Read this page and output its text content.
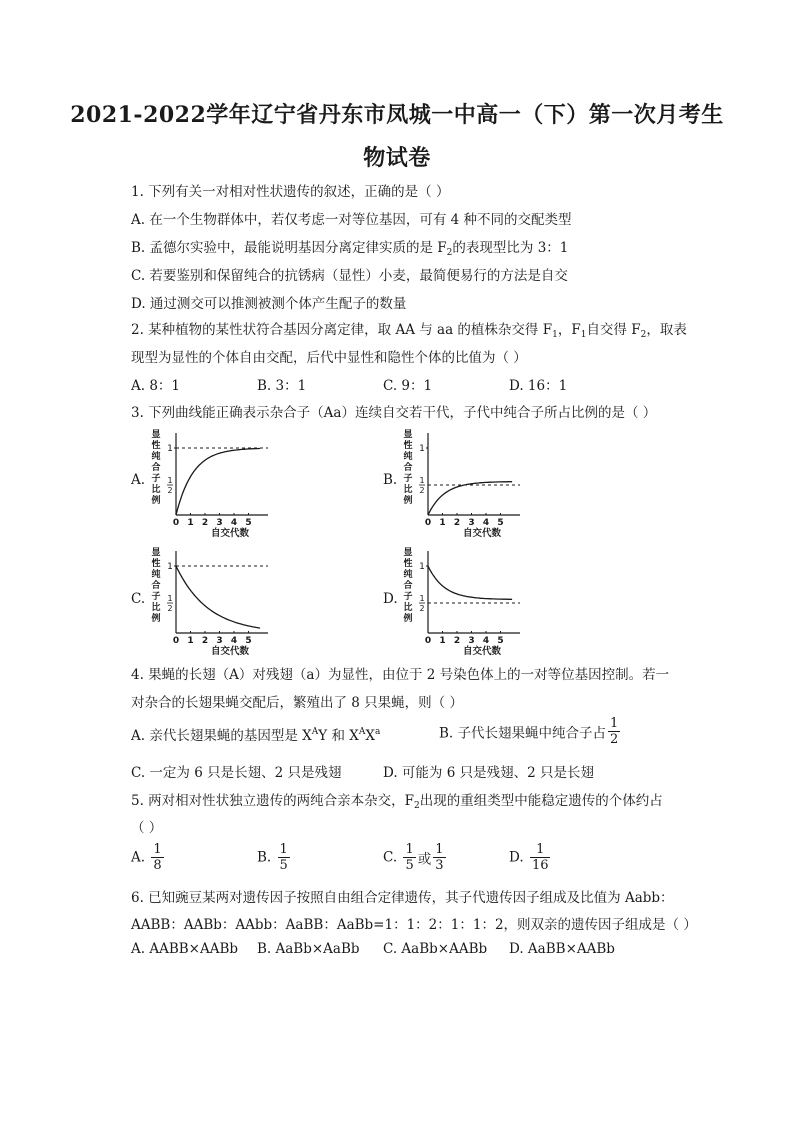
2021-2022学年辽宁省丹东市凤城一中高一（下）第一次月考生
物试卷
1. 下列有关一对相对性状遗传的叙述，正确的是（ ）
A. 在一个生物群体中，若仅考虑一对等位基因，可有 4 种不同的交配类型
B. 孟德尔实验中，最能说明基因分离定律实质的是 $F_2$的表现型比为 3：1
C. 若要鉴别和保留纯合的抗锈病（显性）小麦，最简便易行的方法是自交
D. 通过测交可以推测被测个体产生配子的数量
2. 某种植物的某性状符合基因分离定律，取 AA 与 aa 的植株杂交得 $F_1$，$F_1$自交得 $F_2$，取表
现型为显性的个体自由交配，后代中显性和隐性个体的比值为（ ）
A. 8：1	B. 3：1	C. 9：1	D. 16：1
3. 下列曲线能正确表示杂合子（Aa）连续自交若干代，子代中纯合子所占比例的是（ ）
A.	B.
C.	D.
显
性
纯
合
子
比
例
1
1
2
0 1 2 3 4 5
自交代数
显
性
纯
合
子
比
例
1
1
2
0 1 2 3 4 5
自交代数
显
性
纯
合
子
比
例
1
1
2
0 1 2 3 4 5
自交代数
显
性
纯
合
子
比
例
1
1
2
0 1 2 3 4 5
自交代数
4. 果蝇的长翅（A）对残翅（a）为显性，由位于 2 号染色体上的一对等位基因控制。若一
对杂合的长翅果蝇交配后，繁殖出了 8 只果蝇，则（ ）
A. 亲代长翅果蝇的基因型是 $X^AY$ 和 $X^AX^a$	B. 子代长翅果蝇中纯合子占 $\frac{1}{2}$
C. 一定为 6 只是长翅、2 只是残翅	D. 可能为 6 只是残翅、2 只是长翅
5. 两对相对性状独立遗传的两纯合亲本杂交，$F_2$出现的重组类型中能稳定遗传的个体约占
（ ）
A. $\frac{1}{8}$	B. $\frac{1}{5}$	C. $\frac{1}{5}$ 或 $\frac{1}{3}$	D. $\frac{1}{16}$
6. 已知豌豆某两对遗传因子按照自由组合定律遗传，其子代遗传因子组成及比值为 Aabb：
AABB：AABb：AAbb：AaBB：AaBb=1：1：2：1：1：2，则双亲的遗传因子组成是（ ）
A. AABB×AABb B. AaBb×AaBb C. AaBb×AABb D. AaBB×AABb
